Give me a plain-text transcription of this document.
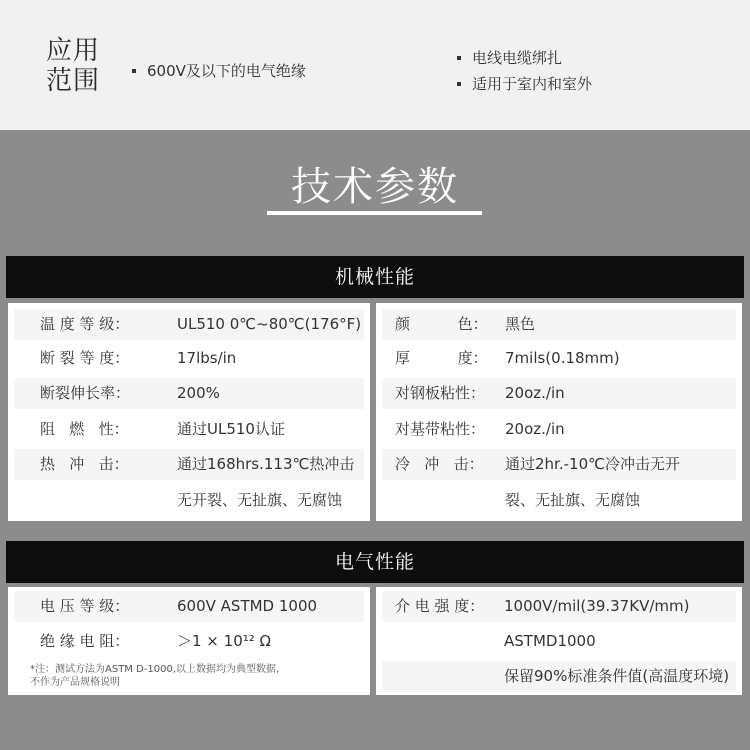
应用
范围	600V及以下的电气绝缘
电线电缆绑扎
适用于室内和室外
技术参数
机械性能
温 度 等 级：	UL510 0℃~80℃(176°F)
断 裂 等 度：	17lbs/in
断裂伸长率：	200%
阻   燃   性：	通过UL510认证
热   冲   击：	通过168hrs.113℃热冲击
无开裂、无扯旗、无腐蚀
颜          色： 黑色
厚          度： 7mils(0.18mm)
对钢板粘性： 20oz./in
对基带粘性： 20oz./in
冷   冲   击： 通过2hr.-10℃冷冲击无开
裂、无扯旗、无腐蚀
电气性能
电 压 等 级：	600V ASTMD 1000
绝 缘 电 阻：	＞1 × 10¹² Ω
*注：测试方法为ASTM D-1000,以上数据均为典型数据,
不作为产品规格说明
介 电 强 度： 1000V/mil(39.37KV/mm)
ASTMD1000
保留90%标准条件值(高温度环境)
